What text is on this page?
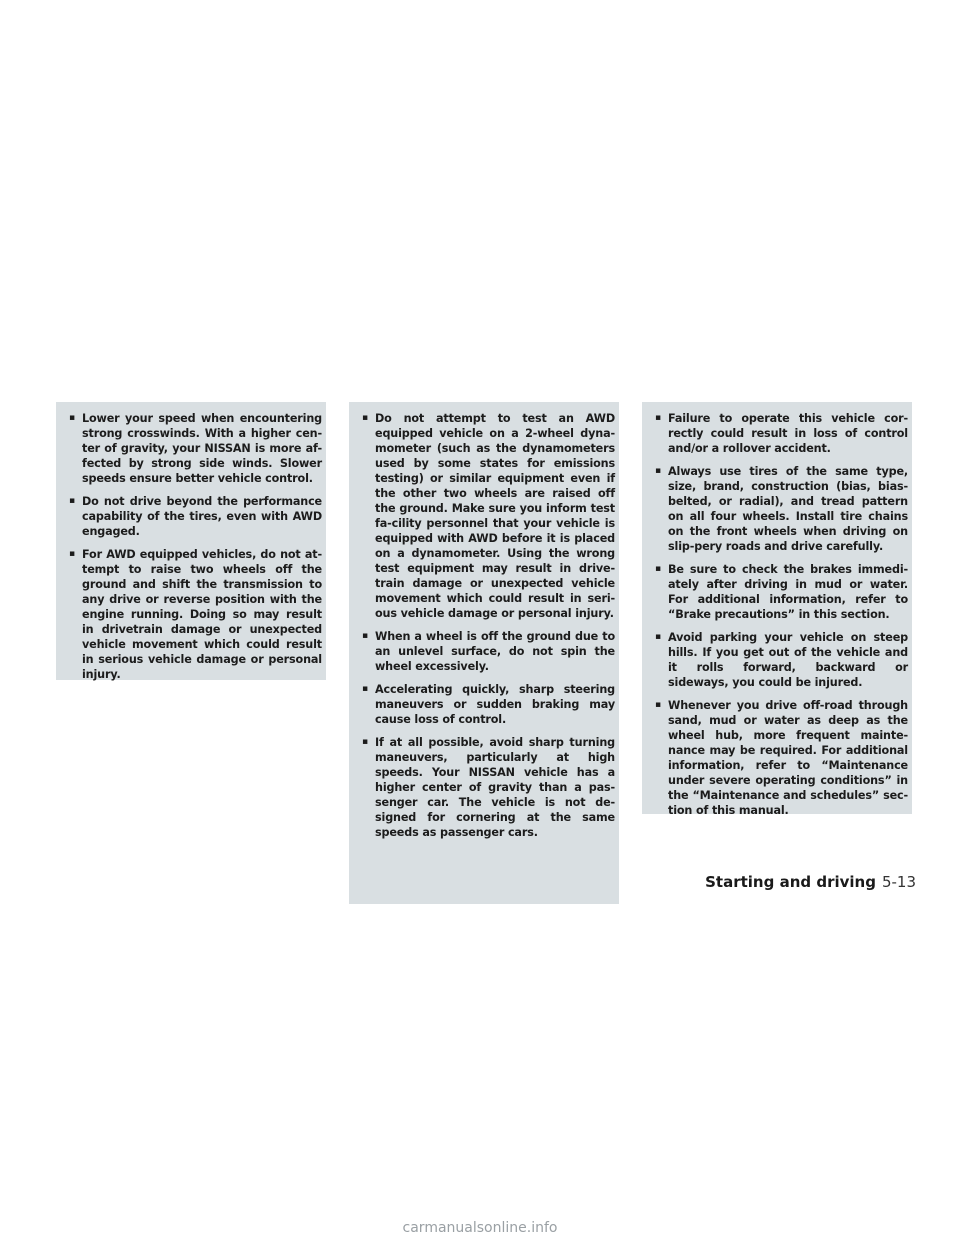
▪ Lower your speed when encountering strong crosswinds. With a higher cen-ter of gravity, your NISSAN is more af-fected by strong side winds. Slower speeds ensure better vehicle control.
▪ Do not drive beyond the performance capability of the tires, even with AWD engaged.
▪ For AWD equipped vehicles, do not at-tempt to raise two wheels off the ground and shift the transmission to any drive or reverse position with the engine running. Doing so may result in drivetrain damage or unexpected vehicle movement which could result in serious vehicle damage or personal injury.
▪ Do not attempt to test an AWD equipped vehicle on a 2-wheel dyna-mometer (such as the dynamometers used by some states for emissions testing) or similar equipment even if the other two wheels are raised off the ground. Make sure you inform test fa-cility personnel that your vehicle is equipped with AWD before it is placed on a dynamometer. Using the wrong test equipment may result in drive-train damage or unexpected vehicle movement which could result in seri-ous vehicle damage or personal injury.
▪ When a wheel is off the ground due to an unlevel surface, do not spin the wheel excessively.
▪ Accelerating quickly, sharp steering maneuvers or sudden braking may cause loss of control.
▪ If at all possible, avoid sharp turning maneuvers, particularly at high speeds. Your NISSAN vehicle has a higher center of gravity than a pas-senger car. The vehicle is not de-signed for cornering at the same speeds as passenger cars.
▪ Failure to operate this vehicle cor-rectly could result in loss of control and/or a rollover accident.
▪ Always use tires of the same type, size, brand, construction (bias, bias-belted, or radial), and tread pattern on all four wheels. Install tire chains on the front wheels when driving on slip-pery roads and drive carefully.
▪ Be sure to check the brakes immedi-ately after driving in mud or water. For additional information, refer to “Brake precautions” in this section.
▪ Avoid parking your vehicle on steep hills. If you get out of the vehicle and it rolls forward, backward or sideways, you could be injured.
▪ Whenever you drive off-road through sand, mud or water as deep as the wheel hub, more frequent mainte-nance may be required. For additional information, refer to “Maintenance under severe operating conditions” in the “Maintenance and schedules” sec-tion of this manual.
Starting and driving 5-13
carmanualsonline.info
